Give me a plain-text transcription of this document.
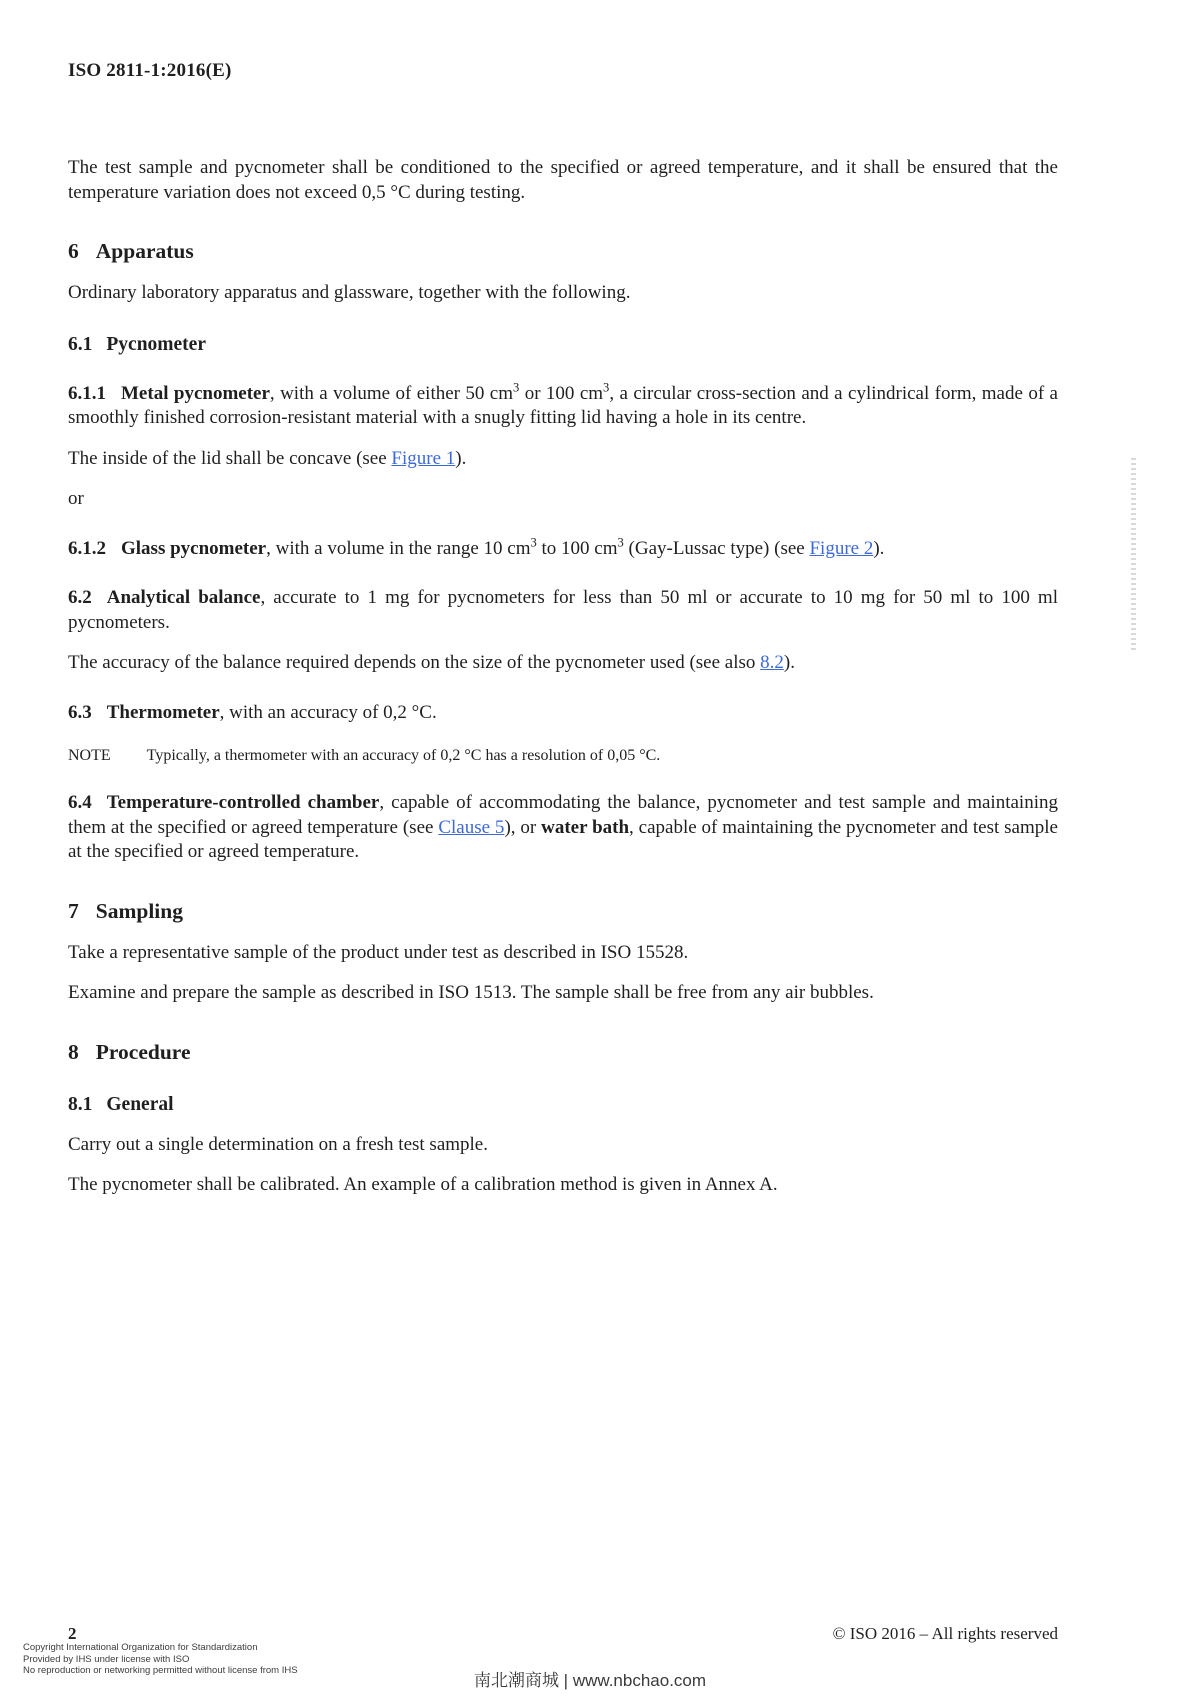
ISO 2811-1:2016(E)
The test sample and pycnometer shall be conditioned to the specified or agreed temperature, and it shall be ensured that the temperature variation does not exceed 0,5 °C during testing.
6 Apparatus
Ordinary laboratory apparatus and glassware, together with the following.
6.1 Pycnometer
6.1.1 Metal pycnometer, with a volume of either 50 $cm^3$ or 100 $cm^3$, a circular cross-section and a cylindrical form, made of a smoothly finished corrosion-resistant material with a snugly fitting lid having a hole in its centre.
The inside of the lid shall be concave (see Figure 1).
or
6.1.2 Glass pycnometer, with a volume in the range 10 $cm^3$ to 100 $cm^3$ (Gay-Lussac type) (see Figure 2).
6.2 Analytical balance, accurate to 1 mg for pycnometers for less than 50 ml or accurate to 10 mg for 50 ml to 100 ml pycnometers.
The accuracy of the balance required depends on the size of the pycnometer used (see also 8.2).
6.3 Thermometer, with an accuracy of 0,2 °C.
NOTE Typically, a thermometer with an accuracy of 0,2 °C has a resolution of 0,05 °C.
6.4 Temperature-controlled chamber, capable of accommodating the balance, pycnometer and test sample and maintaining them at the specified or agreed temperature (see Clause 5), or water bath, capable of maintaining the pycnometer and test sample at the specified or agreed temperature.
7 Sampling
Take a representative sample of the product under test as described in ISO 15528.
Examine and prepare the sample as described in ISO 1513. The sample shall be free from any air bubbles.
8 Procedure
8.1 General
Carry out a single determination on a fresh test sample.
The pycnometer shall be calibrated. An example of a calibration method is given in Annex A.
2
Copyright International Organization for Standardization
Provided by IHS under license with ISO
No reproduction or networking permitted without license from IHS
© ISO 2016 – All rights reserved
南北潮商城 | www.nbchao.com
